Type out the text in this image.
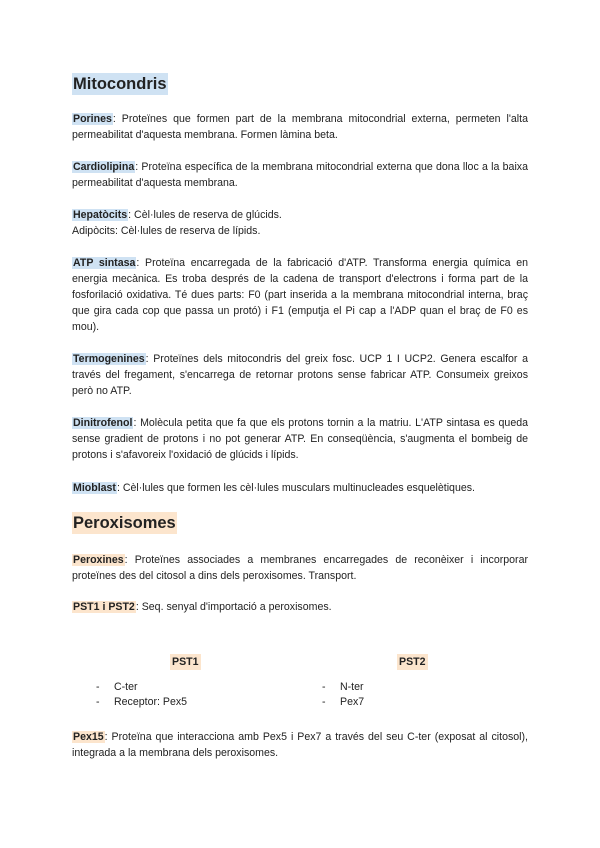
Mitocondris

Porines: Proteïnes que formen part de la membrana mitocondrial externa, permeten l'alta permeabilitat d'aquesta membrana. Formen làmina beta.

Cardiolipina: Proteïna específica de la membrana mitocondrial externa que dona lloc a la baixa permeabilitat d'aquesta membrana.

Hepatòcits: Cèl·lules de reserva de glúcids.
Adipòcits: Cèl·lules de reserva de lípids.

ATP sintasa: Proteïna encarregada de la fabricació d'ATP. Transforma energia química en energia mecànica. Es troba després de la cadena de transport d'electrons i forma part de la fosforilació oxidativa. Té dues parts: F0 (part inserida a la membrana mitocondrial interna, braç que gira cada cop que passa un protó) i F1 (emputja el Pi cap a l'ADP quan el braç de F0 es mou).

Termogenines: Proteïnes dels mitocondris del greix fosc. UCP 1 I UCP2. Genera escalfor a través del fregament, s'encarrega de retornar protons sense fabricar ATP. Consumeix greixos però no ATP.

Dinitrofenol: Molècula petita que fa que els protons tornin a la matriu. L'ATP sintasa es queda sense gradient de protons i no pot generar ATP. En conseqüència, s'augmenta el bombeig de protons i s'afavoreix l'oxidació de glúcids i lípids.

Mioblast: Cèl·lules que formen les cèl·lules musculars multinucleades esquelètiques.

Peroxisomes

Peroxines: Proteïnes associades a membranes encarregades de reconèixer i incorporar proteïnes des del citosol a dins dels peroxisomes. Transport.

PST1 i PST2: Seq. senyal d'importació a peroxisomes.

PST1	PST2
- C-ter
- Receptor: Pex5
- N-ter
- Pex7

Pex15: Proteïna que interacciona amb Pex5 i Pex7 a través del seu C-ter (exposat al citosol), integrada a la membrana dels peroxisomes.
